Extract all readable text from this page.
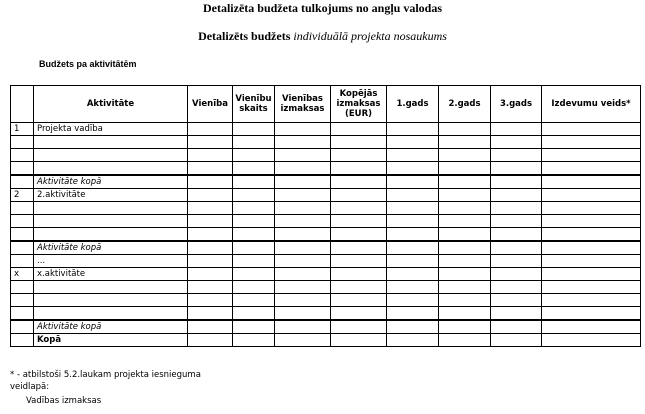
Detalizēta budžeta tulkojums no angļu valodas
Detalizēts budžets individuālā projekta nosaukums
Budžets pa aktivitātēm
	Aktivitāte	Vienība	Vienību skaits	Vienības izmaksas	Kopējās izmaksas (EUR)	1.gads	2.gads	3.gads	Izdevumu veids*
1	Projekta vadība								

	Aktivitāte kopā								
2	2.aktivitāte								

	Aktivitāte kopā								
	...								
x	x.aktivitāte								

	Aktivitāte kopā								
	Kopā								
* - atbilstoši 5.2.laukam projekta iesnieguma
veidlapā:
Vadības izmaksas
